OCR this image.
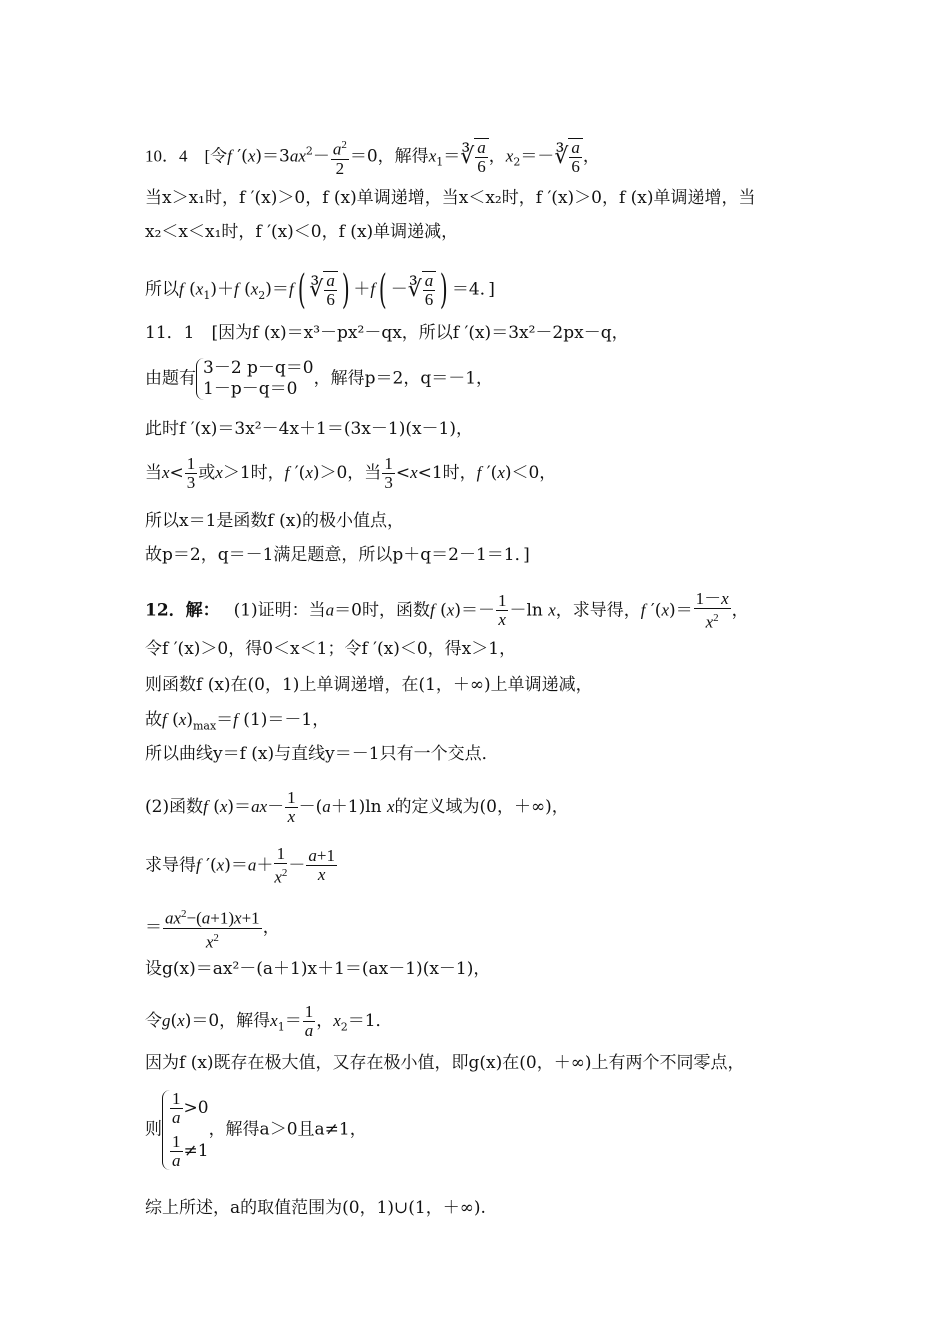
10．4　[令f $'(x)=3ax^2- \frac{a^2}{2} =0$，解得$x_1=∛ \frac{a}{6}$ ，$x_2=-∛ \frac{a}{6}$ ，
当x＞x₁时，f ′(x)＞0，f (x)单调递增，当x＜x₂时，f ′(x)＞0，f (x)单调递增，当
x₂＜x＜x₁时，f ′(x)＜0，f (x)单调递减，
所以f $(x_1)+f$ $(x_2)=f$( ∛ $\frac{a}{6}$ ) ＋f( －∛ $\frac{a}{6}$ ) ＝4．]
11．1　[因为f (x)＝x³－px²－qx，所以f ′(x)＝3x²－2px－q，
由题有
3－2 p－q＝0
1－p－q＝0
，解得p＝2，q＝－1，
此时f ′(x)＝3x²－4x＋1＝(3x－1)(x－1)，
当$x< \frac{1}{3}$ 或x＞1时，f ′(x)＞0，当 $\frac{1}{3} <x<1$时，f ′(x)＜0，
所以x＝1是函数f (x)的极小值点，
故p＝2，q＝－1满足题意，所以p＋q＝2－1＝1．]
12．解：　 (1)证明：当a＝0时，函数f $(x)=- \frac{1}{x} -\ln$ x，求导得，f $'(x)= \frac{1-x}{x^2}$ ，
令f ′(x)＞0，得0＜x＜1；令f ′(x)＜0，得x＞1，
则函数f (x)在(0，1)上单调递增，在(1，＋∞)上单调递减，
故f $(x)_{max}=f$ (1)＝－1，
所以曲线y＝f (x)与直线y＝－1只有一个交点．
(2)函数f $(x)=ax- \frac{1}{x} -(a+1)\ln$ x的定义域为(0，＋∞)，
求导得f $'(x)=a+ \frac{1}{x^2} - \frac{a+1}{x}$
＝ $\frac{ax^2-(a+1)x+1}{x^2}$ ，
设g(x)＝ax²－(a＋1)x＋1＝(ax－1)(x－1)，
令g(x)＝0，解得$x_1= \frac{1}{a}$ ，$x_2=1$．
因为f (x)既存在极大值，又存在极小值，即g(x)在(0，＋∞)上有两个不同零点，
则
$\frac{1}{a} >0$
$\frac{1}{a} \ne 1$
，解得a＞0且a≠1，
综上所述，a的取值范围为(0，1)∪(1，＋∞).
